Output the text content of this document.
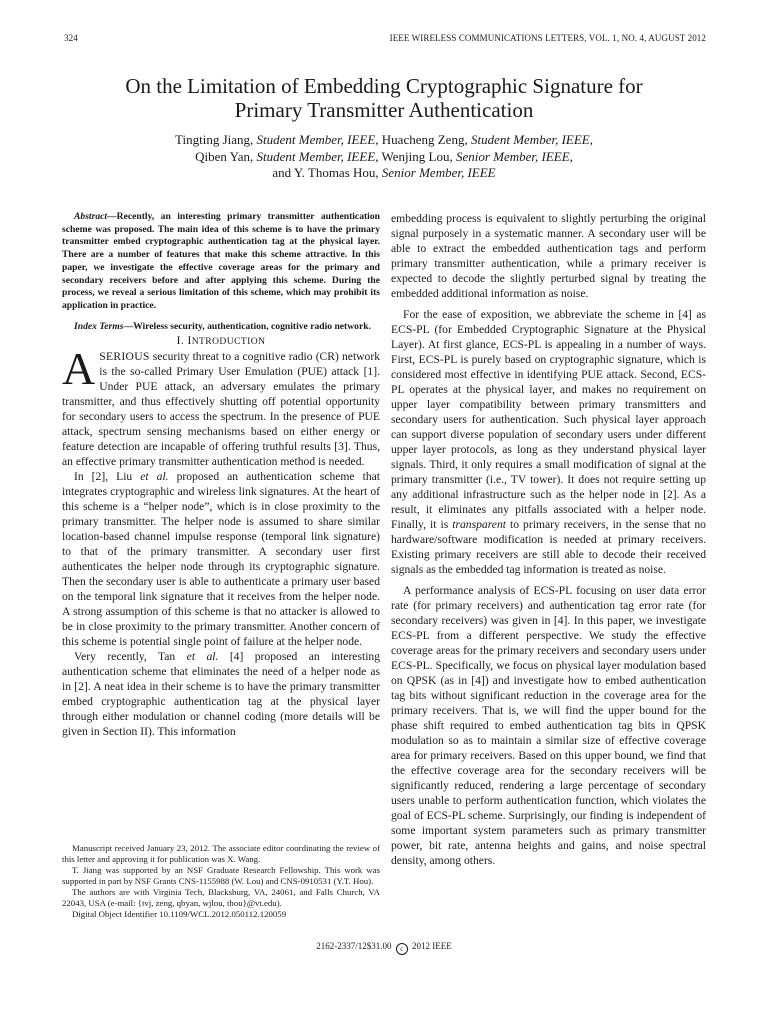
324	IEEE WIRELESS COMMUNICATIONS LETTERS, VOL. 1, NO. 4, AUGUST 2012
On the Limitation of Embedding Cryptographic Signature for
Primary Transmitter Authentication
Tingting Jiang, Student Member, IEEE, Huacheng Zeng, Student Member, IEEE,
Qiben Yan, Student Member, IEEE, Wenjing Lou, Senior Member, IEEE,
and Y. Thomas Hou, Senior Member, IEEE

Abstract—Recently, an interesting primary transmitter authentication scheme was proposed. The main idea of this scheme is to have the primary transmitter embed cryptographic authentication tag at the physical layer. There are a number of features that make this scheme attractive. In this paper, we investigate the effective coverage areas for the primary and secondary receivers before and after applying this scheme. During the process, we reveal a serious limitation of this scheme, which may prohibit its application in practice.

Index Terms—Wireless security, authentication, cognitive radio network.

I. INTRODUCTION

ASERIOUS security threat to a cognitive radio (CR) network is the so-called Primary User Emulation (PUE) attack [1]. Under PUE attack, an adversary emulates the primary transmitter, and thus effectively shutting off potential opportunity for secondary users to access the spectrum. In the presence of PUE attack, spectrum sensing mechanisms based on either energy or feature detection are incapable of offering truthful results [3]. Thus, an effective primary transmitter authentication method is needed.

In [2], Liu et al. proposed an authentication scheme that integrates cryptographic and wireless link signatures. At the heart of this scheme is a “helper node”, which is in close proximity to the primary transmitter. The helper node is assumed to share similar location-based channel impulse response (temporal link signature) to that of the primary transmitter. A secondary user first authenticates the helper node through its cryptographic signature. Then the secondary user is able to authenticate a primary user based on the temporal link signature that it receives from the helper node. A strong assumption of this scheme is that no attacker is allowed to be in close proximity to the primary transmitter. Another concern of this scheme is potential single point of failure at the helper node.

Very recently, Tan et al. [4] proposed an interesting authentication scheme that eliminates the need of a helper node as in [2]. A neat idea in their scheme is to have the primary transmitter embed cryptographic authentication tag at the physical layer through either modulation or channel coding (more details will be given in Section II). This information

Manuscript received January 23, 2012. The associate editor coordinating the review of this letter and approving it for publication was X. Wang.

T. Jiang was supported by an NSF Graduate Research Fellowship. This work was supported in part by NSF Grants CNS-1155988 (W. Lou) and CNS-0910531 (Y.T. Hou).

The authors are with Virginia Tech, Blacksburg, VA, 24061, and Falls Church, VA 22043, USA (e-mail: {tvj, zeng, qbyan, wjlou, thou}@vt.edu).

Digital Object Identifier 10.1109/WCL.2012.050112.120059

embedding process is equivalent to slightly perturbing the original signal purposely in a systematic manner. A secondary user will be able to extract the embedded authentication tags and perform primary transmitter authentication, while a primary receiver is expected to decode the slightly perturbed signal by treating the embedded additional information as noise.

For the ease of exposition, we abbreviate the scheme in [4] as ECS-PL (for Embedded Cryptographic Signature at the Physical Layer). At first glance, ECS-PL is appealing in a number of ways. First, ECS-PL is purely based on cryptographic signature, which is considered most effective in identifying PUE attack. Second, ECS-PL operates at the physical layer, and makes no requirement on upper layer compatibility between primary transmitters and secondary users for authentication. Such physical layer approach can support diverse population of secondary users under different upper layer protocols, as long as they understand physical layer signals. Third, it only requires a small modification of signal at the primary transmitter (i.e., TV tower). It does not require setting up any additional infrastructure such as the helper node in [2]. As a result, it eliminates any pitfalls associated with a helper node. Finally, it is transparent to primary receivers, in the sense that no hardware/software modification is needed at primary receivers. Existing primary receivers are still able to decode their received signals as the embedded tag information is treated as noise.

A performance analysis of ECS-PL focusing on user data error rate (for primary receivers) and authentication tag error rate (for secondary receivers) was given in [4]. In this paper, we investigate ECS-PL from a different perspective. We study the effective coverage areas for the primary receivers and secondary users under ECS-PL. Specifically, we focus on physical layer modulation based on QPSK (as in [4]) and investigate how to embed authentication tag bits without significant reduction in the coverage area for the primary receivers. That is, we will find the upper bound for the phase shift required to embed authentication tag bits in QPSK modulation so as to maintain a similar size of effective coverage area for primary receivers. Based on this upper bound, we find that the effective coverage area for the secondary receivers will be significantly reduced, rendering a large percentage of secondary users unable to perform authentication function, which violates the goal of ECS-PL scheme. Surprisingly, our finding is independent of some important system parameters such as primary transmitter power, bit rate, antenna heights and gains, and noise spectral density, among others.

2162-2337/12$31.00 c 2012 IEEE
